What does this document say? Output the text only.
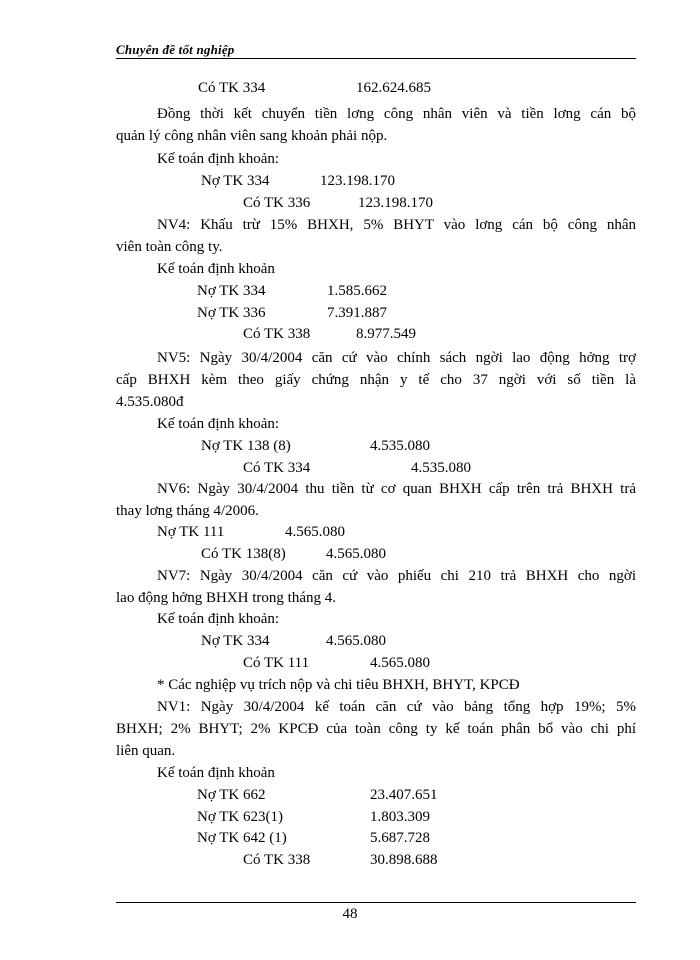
Chuyên đề tốt nghiệp
Có TK 334	162.624.685
Đồng thời kết chuyển tiền lơng công nhân viên và tiền lơng cán bộ
quản lý công nhân viên sang khoản phải nộp.
Kế toán định khoản:
Nợ TK 334	123.198.170
Có TK 336	123.198.170
NV4: Khấu trừ 15% BHXH, 5% BHYT vào lơng cán bộ công nhân
viên toàn công ty.
Kế toán định khoản
Nợ TK 334	1.585.662
Nợ TK 336	7.391.887
Có TK 338	8.977.549
NV5: Ngày 30/4/2004 căn cứ vào chính sách ngời lao động hởng trợ
cấp BHXH kèm theo giấy chứng nhận y tế cho 37 ngời với số tiền là
4.535.080đ
Kế toán định khoản:
Nợ TK 138 (8)	4.535.080
Có TK 334	4.535.080
NV6: Ngày 30/4/2004 thu tiền từ cơ quan BHXH cấp trên trả BHXH trả
thay lơng tháng 4/2006.
Nợ TK 111	4.565.080
Có TK 138(8)	4.565.080
NV7: Ngày 30/4/2004 căn cứ vào phiếu chi 210 trả BHXH cho ngời
lao động hởng BHXH trong tháng 4.
Kế toán định khoản:
Nợ TK 334	4.565.080
Có TK 111	4.565.080
* Các nghiệp vụ trích nộp và chi tiêu BHXH, BHYT, KPCĐ
NV1: Ngày 30/4/2004 kế toán căn cứ vào bảng tổng hợp 19%; 5%
BHXH; 2% BHYT; 2% KPCĐ của toàn công ty kế toán phân bổ vào chi phí
liên quan.
Kế toán định khoản
Nợ TK 662	23.407.651
Nợ TK 623(1)	1.803.309
Nợ TK 642 (1)	5.687.728
Có TK 338	30.898.688
48
